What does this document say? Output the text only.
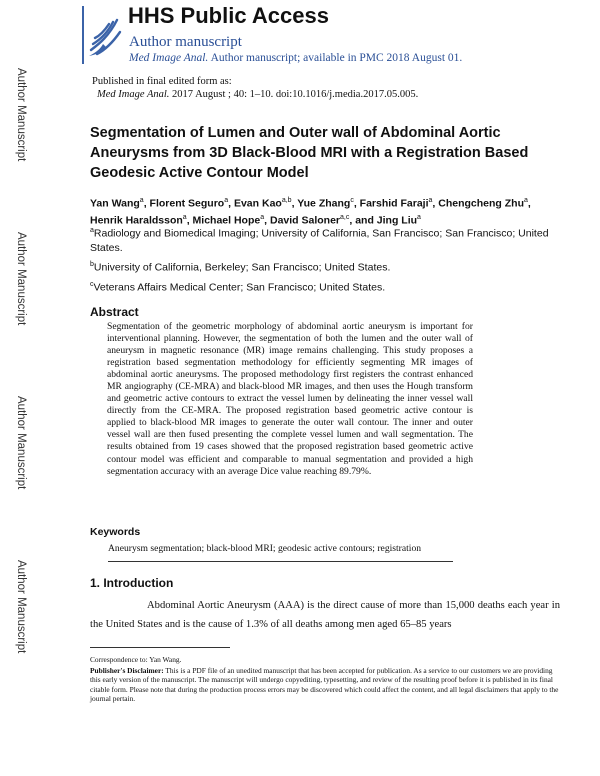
Author Manuscript
Author Manuscript
Author Manuscript
Author Manuscript
HHS Public Access
Author manuscript
Med Image Anal. Author manuscript; available in PMC 2018 August 01.
Published in final edited form as:
Med Image Anal. 2017 August ; 40: 1–10. doi:10.1016/j.media.2017.05.005.
Segmentation of Lumen and Outer wall of Abdominal Aortic Aneurysms from 3D Black-Blood MRI with a Registration Based Geodesic Active Contour Model
Yan Wang$^a$, Florent Seguro$^a$, Evan Kao$^{a,b}$, Yue Zhang$^c$, Farshid Faraji$^a$, Chengcheng Zhu$^a$, Henrik Haraldsson$^a$, Michael Hope$^a$, David Saloner$^{a,c}$, and Jing Liu$^a$
$^a$Radiology and Biomedical Imaging; University of California, San Francisco; San Francisco; United States.
$^b$University of California, Berkeley; San Francisco; United States.
$^c$Veterans Affairs Medical Center; San Francisco; United States.
Abstract
Segmentation of the geometric morphology of abdominal aortic aneurysm is important for interventional planning. However, the segmentation of both the lumen and the outer wall of aneurysm in magnetic resonance (MR) image remains challenging. This study proposes a registration based segmentation methodology for efficiently segmenting MR images of abdominal aortic aneurysms. The proposed methodology first registers the contrast enhanced MR angiography (CE-MRA) and black-blood MR images, and then uses the Hough transform and geometric active contours to extract the vessel lumen by delineating the inner vessel wall directly from the CE-MRA. The proposed registration based geometric active contour is applied to black-blood MR images to generate the outer wall contour. The inner and outer vessel wall are then fused presenting the complete vessel lumen and wall segmentation. The results obtained from 19 cases showed that the proposed registration based geometric active contour model was efficient and comparable to manual segmentation and provided a high segmentation accuracy with an average Dice value reaching 89.79%.
Keywords
Aneurysm segmentation; black-blood MRI; geodesic active contours; registration
1. Introduction
Abdominal Aortic Aneurysm (AAA) is the direct cause of more than 15,000 deaths each year in the United States and is the cause of 1.3% of all deaths among men aged 65–85 years
Correspondence to: Yan Wang.
Publisher's Disclaimer: This is a PDF file of an unedited manuscript that has been accepted for publication. As a service to our customers we are providing this early version of the manuscript. The manuscript will undergo copyediting, typesetting, and review of the resulting proof before it is published in its final citable form. Please note that during the production process errors may be discovered which could affect the content, and all legal disclaimers that apply to the journal pertain.
